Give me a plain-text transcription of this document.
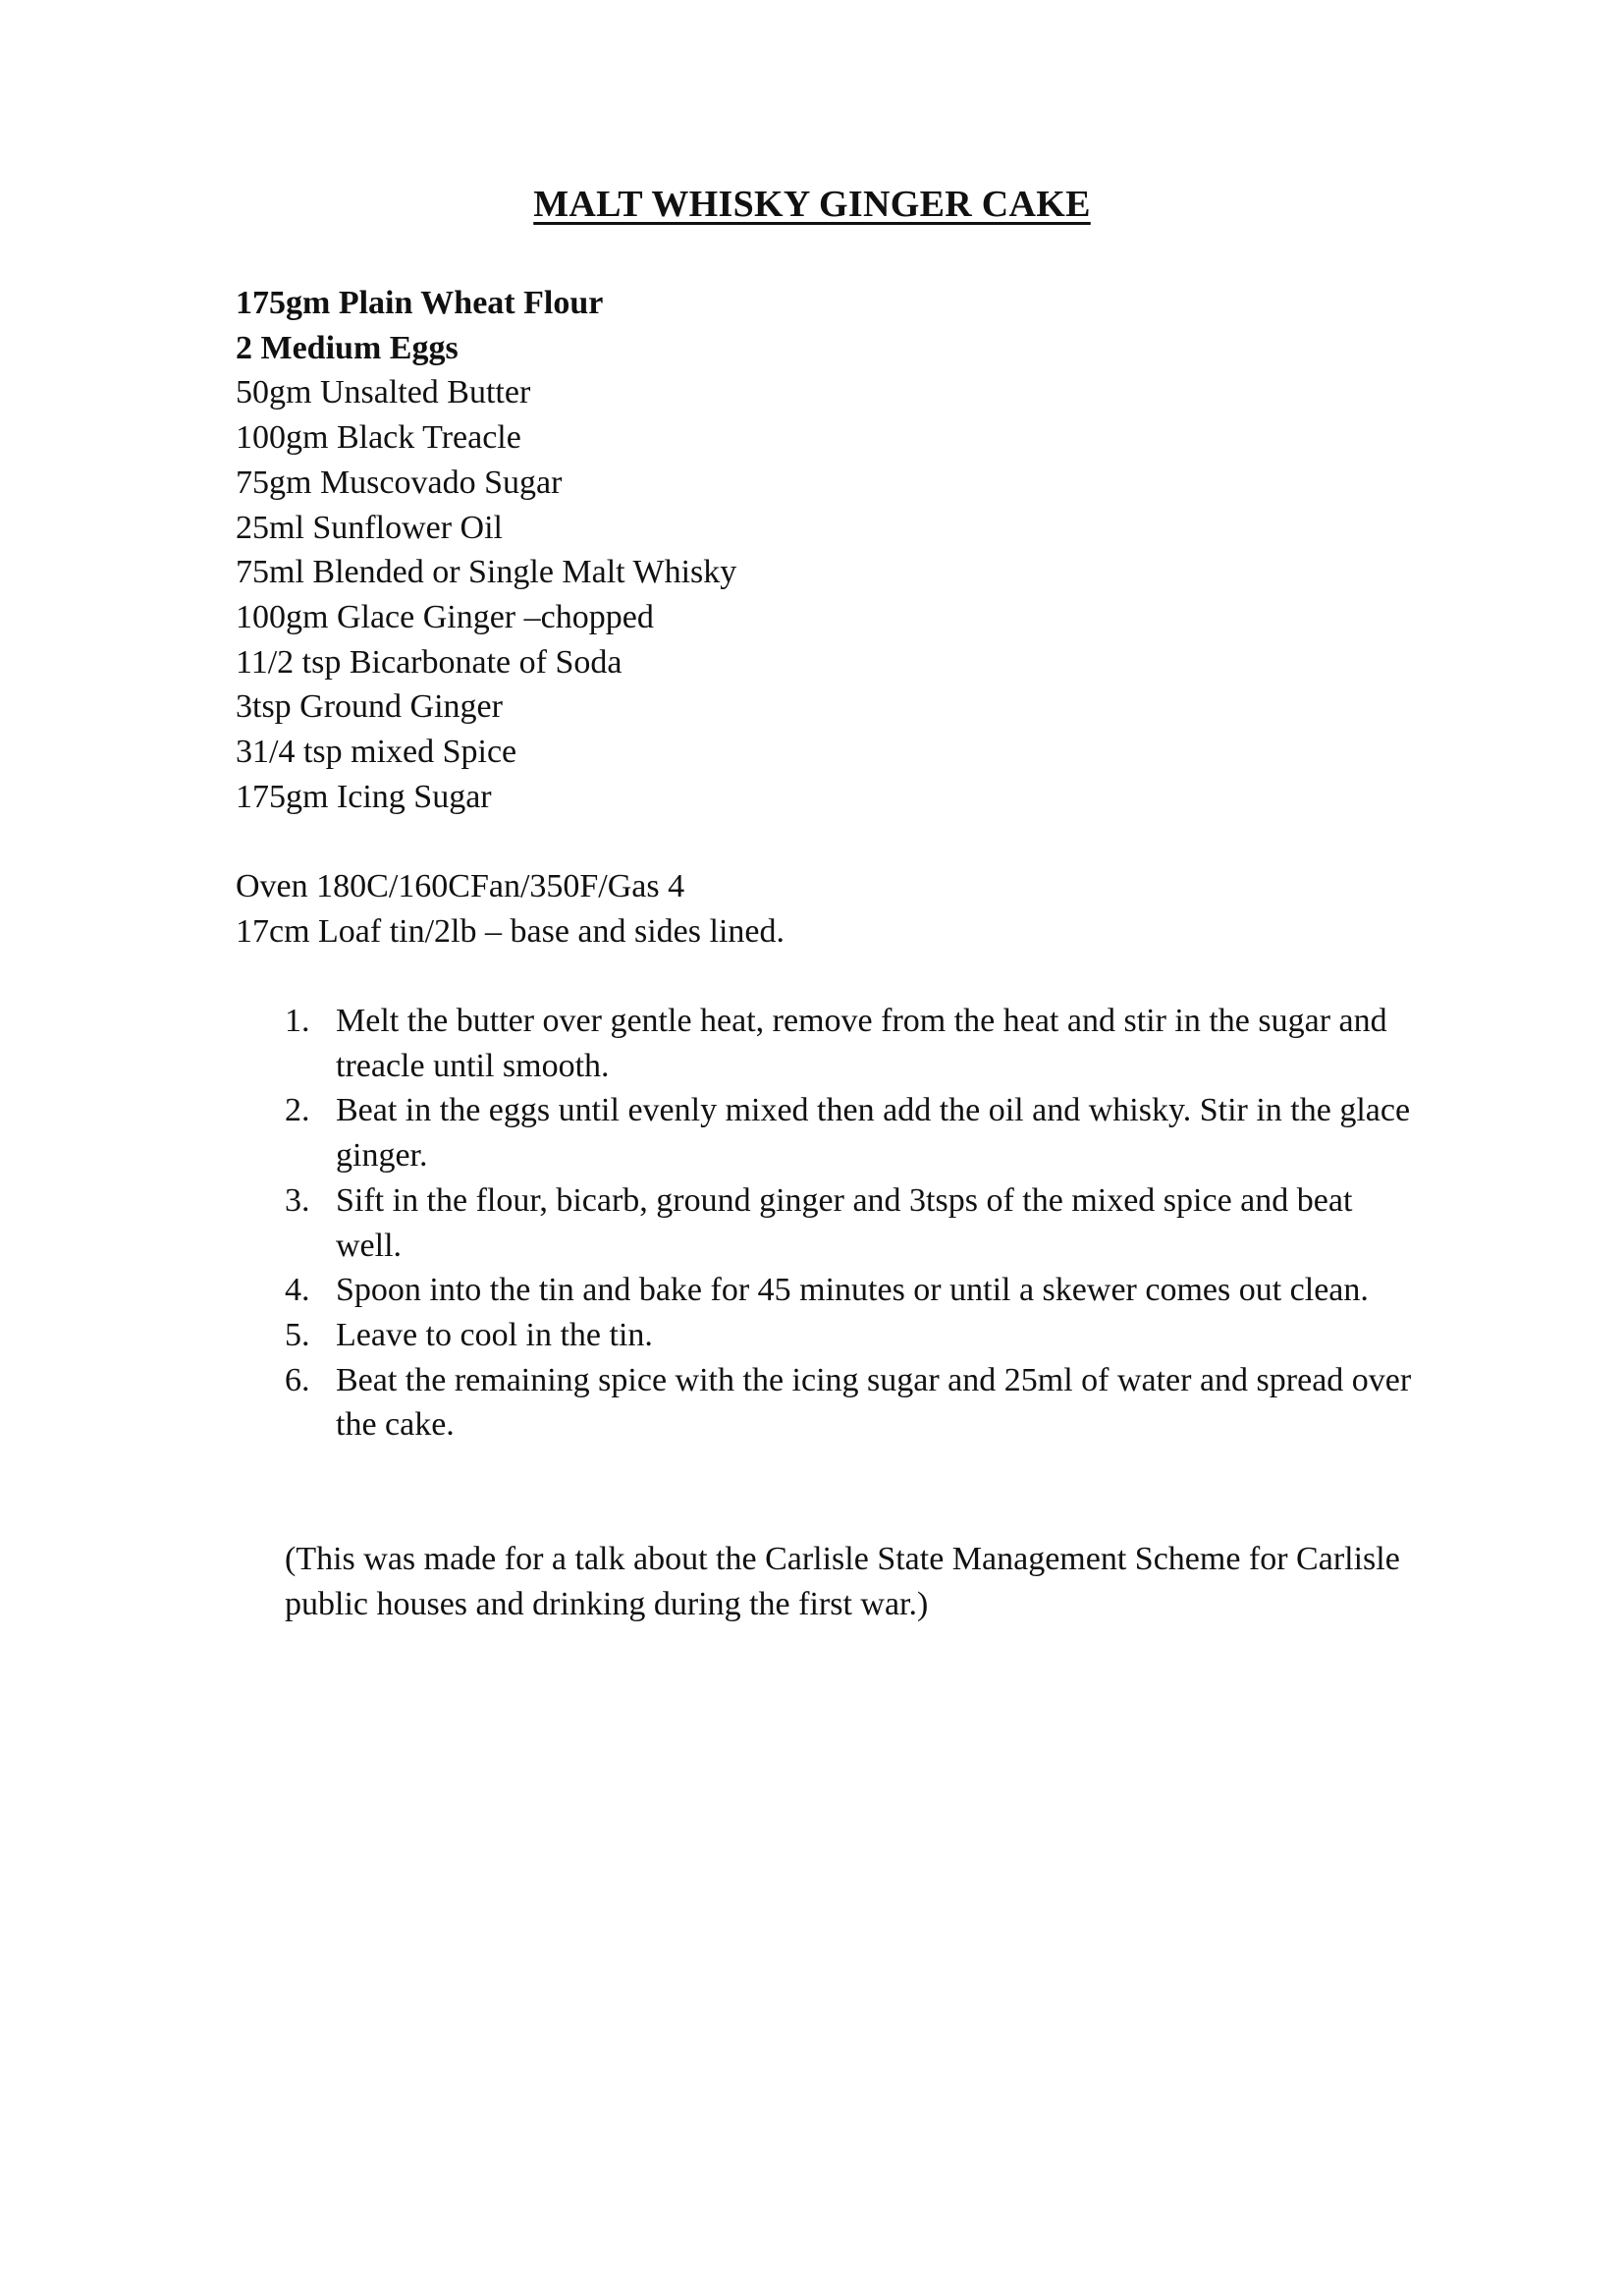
MALT WHISKY GINGER CAKE
175gm Plain Wheat Flour
2 Medium Eggs
50gm Unsalted Butter
100gm Black Treacle
75gm Muscovado Sugar
25ml Sunflower Oil
75ml Blended or Single Malt Whisky
100gm Glace Ginger –chopped
11/2 tsp Bicarbonate of Soda
3tsp Ground Ginger
31/4 tsp mixed Spice
175gm Icing Sugar
Oven 180C/160CFan/350F/Gas 4
17cm Loaf tin/2lb – base and sides lined.
1. Melt the butter over gentle heat, remove from the heat and stir in the sugar and treacle until smooth.
2. Beat in the eggs until evenly mixed then add the oil and whisky. Stir in the glace ginger.
3. Sift in the flour, bicarb, ground ginger and 3tsps of the mixed spice and beat well.
4. Spoon into the tin and bake for 45 minutes or until a skewer comes out clean.
5. Leave to cool in the tin.
6. Beat the remaining spice with the icing sugar and 25ml of water and spread over the cake.

(This was made for a talk about the Carlisle State Management Scheme for Carlisle public houses and drinking during the first war.)
